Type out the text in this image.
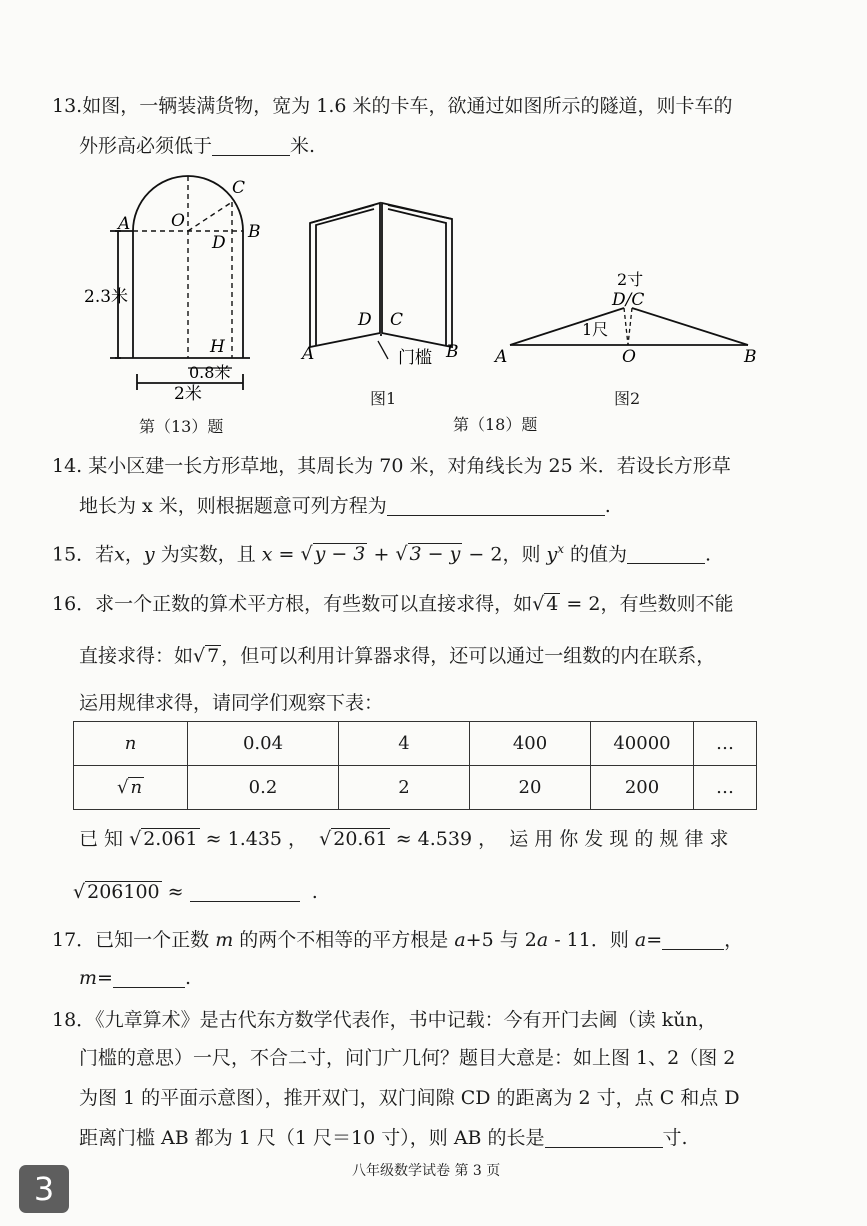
13.如图，一辆装满货物，宽为 1.6 米的卡车，欲通过如图所示的隧道，则卡车的
外形高必须低于	米.
A O
C
D
B
H
2.3米
0.8米
2米
第（13）题
D C
A	B
门槛
图1
2寸
D/C
1尺
A	O	B
图2
第（18）题
14. 某小区建一长方形草地，其周长为 70 米，对角线长为 25 米．若设长方形草
地长为 x 米，则根据题意可列方程为	.
15．若x，y 为实数，且 x = √ y − 3 + √ 3 − y − 2，则 $y^x$ 的值为	.
16．求一个正数的算术平方根，有些数可以直接求得，如√ 4 = 2，有些数则不能
直接求得：如√ 7 ，但可以利用计算器求得，还可以通过一组数的内在联系，
运用规律求得，请同学们观察下表：
n	0.04	4	400	40000	…
√ n	0.2	2	20	200	…
已 知 √ 2.061 ≈ 1.435 ， √ 20.61 ≈ 4.539 ， 运 用 你 发 现 的 规 律 求
√ 206100 ≈	.
17．已知一个正数 m 的两个不相等的平方根是 a+5 与 2a - 11．则 a=	，
m=	.
18．《九章算术》是古代东方数学代表作，书中记载：今有开门去阃（读 kǔn，
门槛的意思）一尺，不合二寸，问门广几何？题目大意是：如上图 1、2（图 2
为图 1 的平面示意图），推开双门，双门间隙 CD 的距离为 2 寸，点 C 和点 D
距离门槛 AB 都为 1 尺（1 尺＝10 寸），则 AB 的长是	寸.
八年级数学试卷 第 3 页
3
